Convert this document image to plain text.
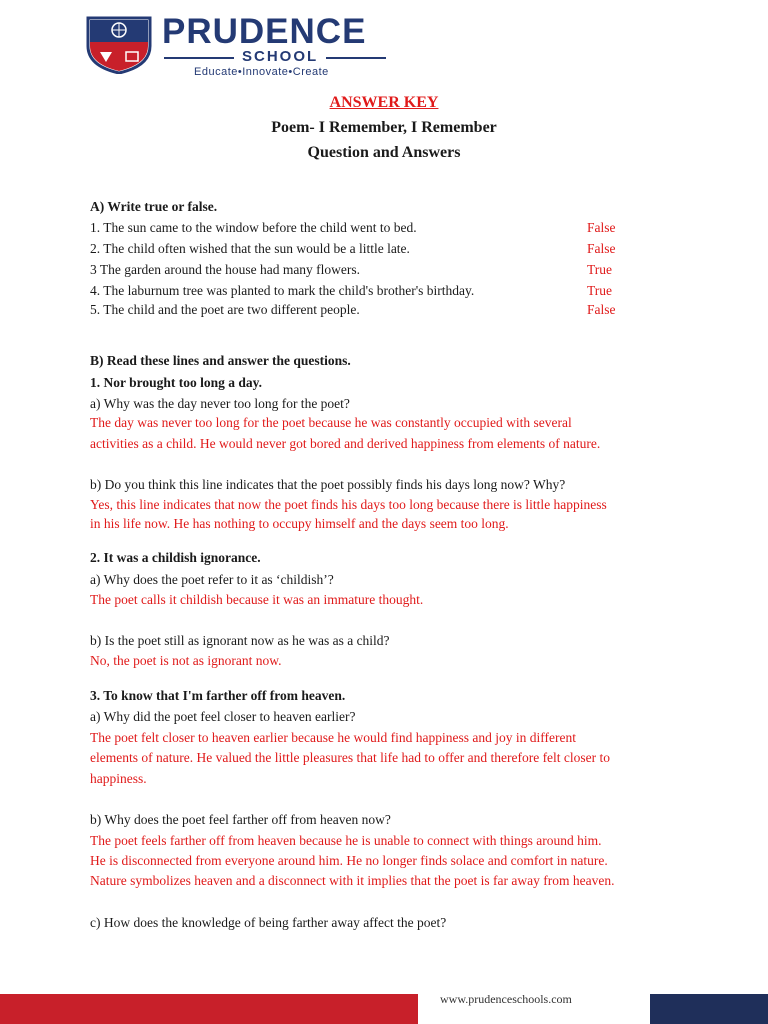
PRUDENCE
SCHOOL
Educate•Innovate•Create
ANSWER KEY
Poem- I Remember, I Remember
Question and Answers
A) Write true or false.
1. The sun came to the window before the child went to bed.	False
2. The child often wished that the sun would be a little late.	False
3 The garden around the house had many flowers.	True
4. The laburnum tree was planted to mark the child's brother's birthday.	True
5. The child and the poet are two different people.	False
B) Read these lines and answer the questions.
1. Nor brought too long a day.
a) Why was the day never too long for the poet?
The day was never too long for the poet because he was constantly occupied with several
activities as a child. He would never got bored and derived happiness from elements of nature.
b) Do you think this line indicates that the poet possibly finds his days long now? Why?
Yes, this line indicates that now the poet finds his days too long because there is little happiness
in his life now. He has nothing to occupy himself and the days seem too long.
2. It was a childish ignorance.
a) Why does the poet refer to it as ‘childish’?
The poet calls it childish because it was an immature thought.
b) Is the poet still as ignorant now as he was as a child?
No, the poet is not as ignorant now.
3. To know that I'm farther off from heaven.
a) Why did the poet feel closer to heaven earlier?
The poet felt closer to heaven earlier because he would find happiness and joy in different
elements of nature. He valued the little pleasures that life had to offer and therefore felt closer to
happiness.
b) Why does the poet feel farther off from heaven now?
The poet feels farther off from heaven because he is unable to connect with things around him.
He is disconnected from everyone around him. He no longer finds solace and comfort in nature.
Nature symbolizes heaven and a disconnect with it implies that the poet is far away from heaven.
c) How does the knowledge of being farther away affect the poet?
www.prudenceschools.com
